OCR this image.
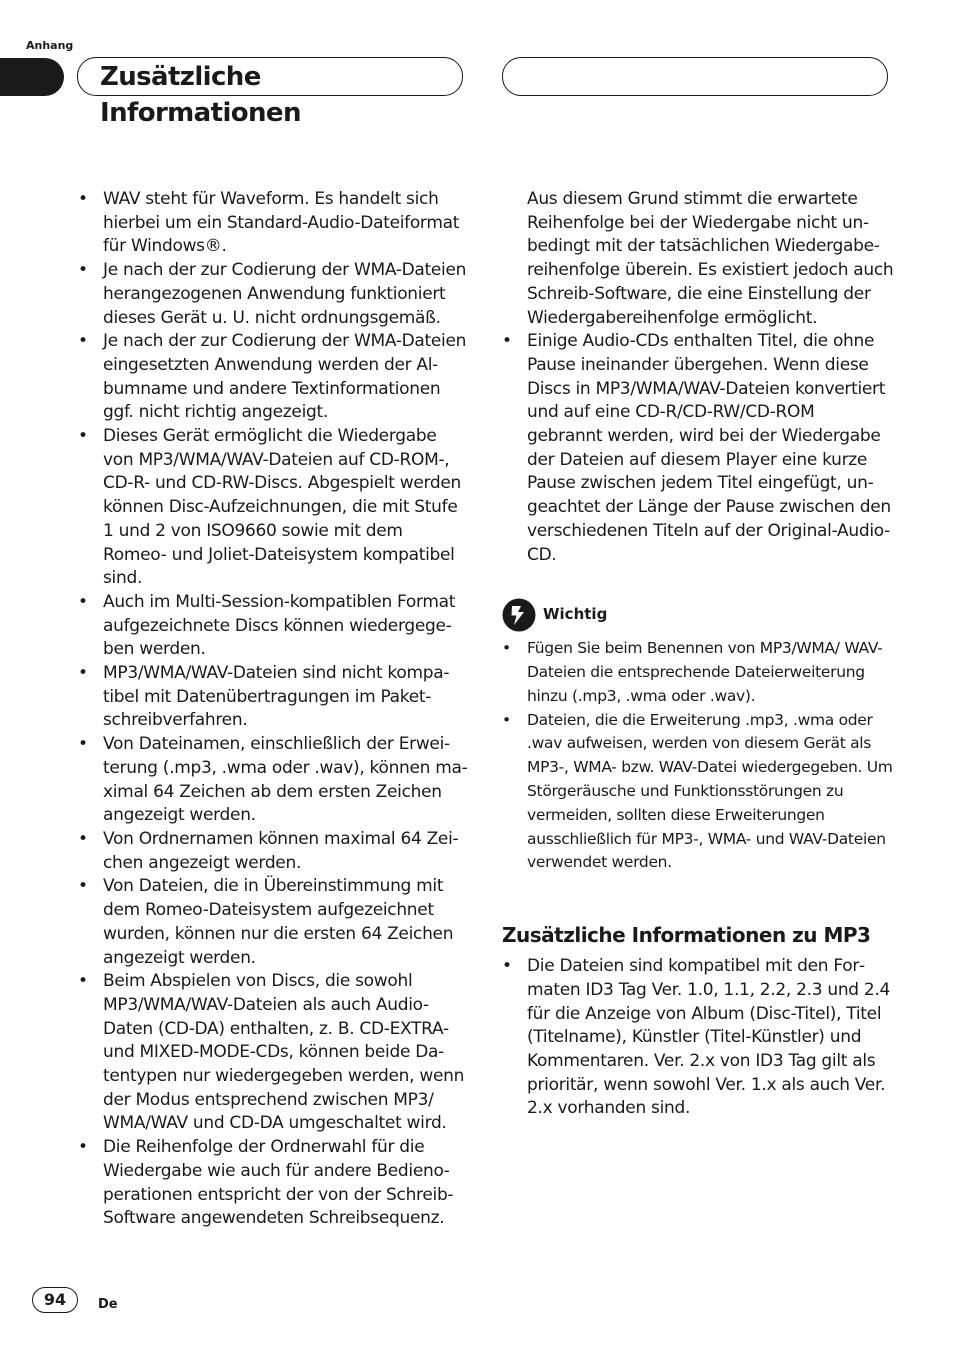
Anhang
Zusätzliche Informationen
• WAV steht für Waveform. Es handelt sich hierbei um ein Standard-Audio-Dateiformat für Windows®.
• Je nach der zur Codierung der WMA-Dateien herangezogenen Anwendung funktioniert dieses Gerät u. U. nicht ordnungsgemäß.
• Je nach der zur Codierung der WMA-Dateien eingesetzten Anwendung werden der Albumname und andere Textinformationen ggf. nicht richtig angezeigt.
• Dieses Gerät ermöglicht die Wiedergabe von MP3/WMA/WAV-Dateien auf CD-ROM-, CD-R- und CD-RW-Discs. Abgespielt werden können Disc-Aufzeichnungen, die mit Stufe 1 und 2 von ISO9660 sowie mit dem Romeo- und Joliet-Dateisystem kompatibel sind.
• Auch im Multi-Session-kompatiblen Format aufgezeichnete Discs können wiedergegeben werden.
• MP3/WMA/WAV-Dateien sind nicht kompatibel mit Datenübertragungen im Paketschreibverfahren.
• Von Dateinamen, einschließlich der Erweiterung (.mp3, .wma oder .wav), können maximal 64 Zeichen ab dem ersten Zeichen angezeigt werden.
• Von Ordnernamen können maximal 64 Zeichen angezeigt werden.
• Von Dateien, die in Übereinstimmung mit dem Romeo-Dateisystem aufgezeichnet wurden, können nur die ersten 64 Zeichen angezeigt werden.
• Beim Abspielen von Discs, die sowohl MP3/WMA/WAV-Dateien als auch Audio-Daten (CD-DA) enthalten, z. B. CD-EXTRA- und MIXED-MODE-CDs, können beide Datentypen nur wiedergegeben werden, wenn der Modus entsprechend zwischen MP3/ WMA/WAV und CD-DA umgeschaltet wird.
• Die Reihenfolge der Ordnerwahl für die Wiedergabe wie auch für andere Bedienoperationen entspricht der von der Schreib-Software angewendeten Schreibsequenz.
Aus diesem Grund stimmt die erwartete Reihenfolge bei der Wiedergabe nicht unbedingt mit der tatsächlichen Wiedergabereihenfolge überein. Es existiert jedoch auch Schreib-Software, die eine Einstellung der Wiedergabereihenfolge ermöglicht.
• Einige Audio-CDs enthalten Titel, die ohne Pause ineinander übergehen. Wenn diese Discs in MP3/WMA/WAV-Dateien konvertiert und auf eine CD-R/CD-RW/CD-ROM gebrannt werden, wird bei der Wiedergabe der Dateien auf diesem Player eine kurze Pause zwischen jedem Titel eingefügt, ungeachtet der Länge der Pause zwischen den verschiedenen Titeln auf der Original-Audio-CD.
Wichtig
• Fügen Sie beim Benennen von MP3/WMA/ WAV-Dateien die entsprechende Dateierweiterung hinzu (.mp3, .wma oder .wav).
• Dateien, die die Erweiterung .mp3, .wma oder .wav aufweisen, werden von diesem Gerät als MP3-, WMA- bzw. WAV-Datei wiedergegeben. Um Störgeräusche und Funktionsstörungen zu vermeiden, sollten diese Erweiterungen ausschließlich für MP3-, WMA- und WAV-Dateien verwendet werden.
Zusätzliche Informationen zu MP3
• Die Dateien sind kompatibel mit den Formaten ID3 Tag Ver. 1.0, 1.1, 2.2, 2.3 und 2.4 für die Anzeige von Album (Disc-Titel), Titel (Titelname), Künstler (Titel-Künstler) und Kommentaren. Ver. 2.x von ID3 Tag gilt als prioritär, wenn sowohl Ver. 1.x als auch Ver. 2.x vorhanden sind.
94	De
